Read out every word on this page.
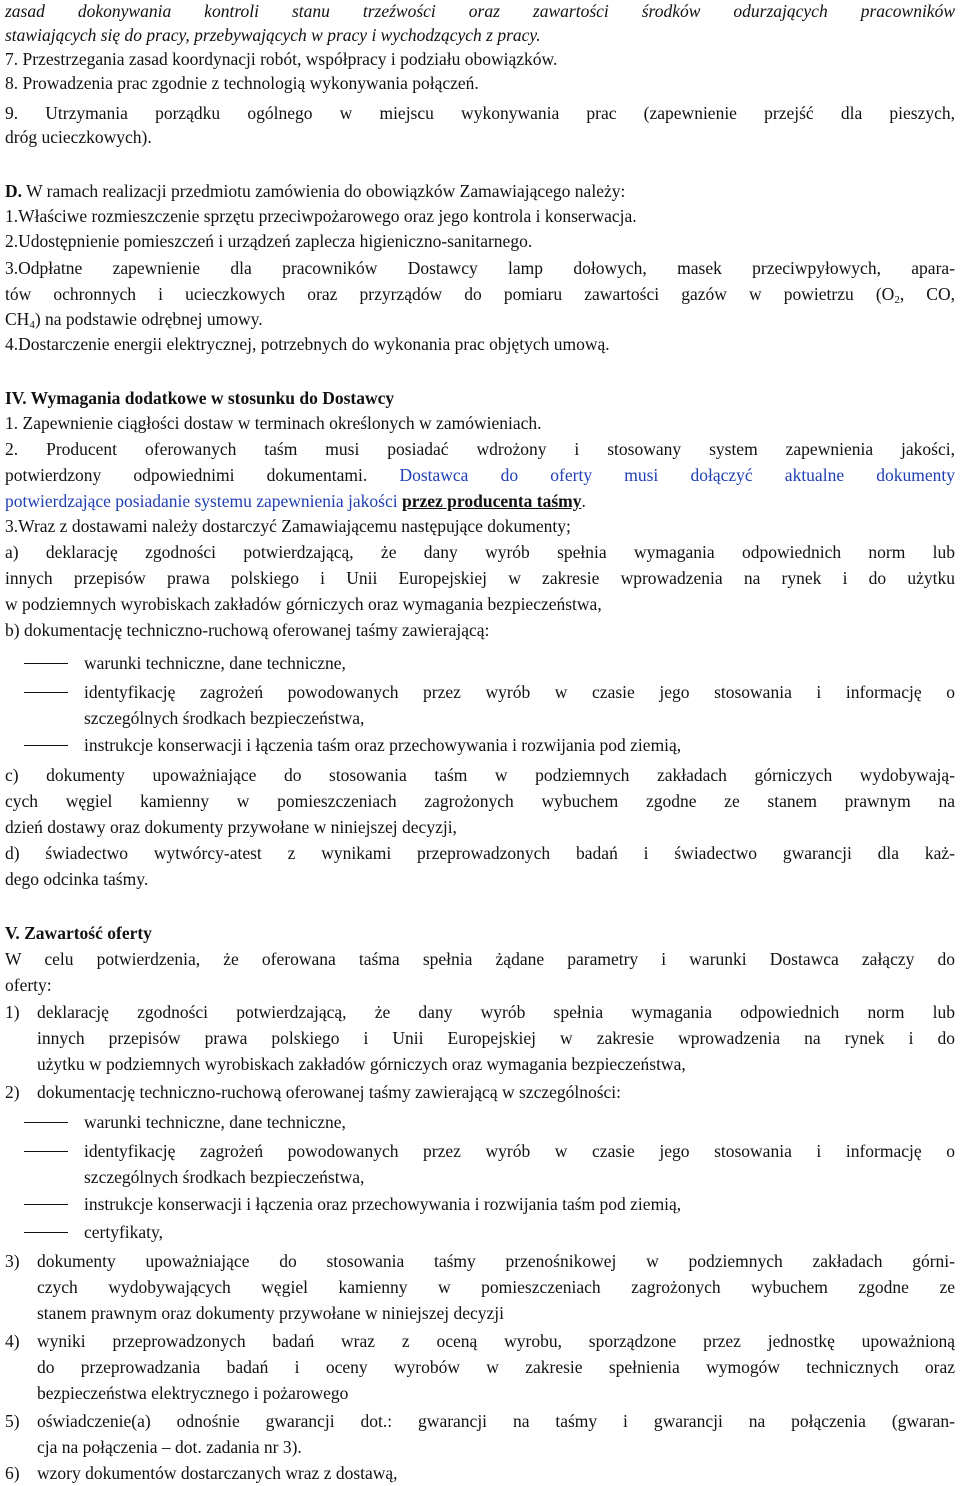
zasad dokonywania kontroli stanu trzeźwości oraz zawartości środków odurzających pracowników
stawiających się do pracy, przebywających w pracy i wychodzących z pracy.
7. Przestrzegania zasad koordynacji robót, współpracy i podziału obowiązków.
8. Prowadzenia prac zgodnie z technologią wykonywania połączeń.
9. Utrzymania porządku ogólnego w miejscu wykonywania prac (zapewnienie przejść dla pieszych,
dróg ucieczkowych).
D. W ramach realizacji przedmiotu zamówienia do obowiązków Zamawiającego należy:
1.Właściwe rozmieszczenie sprzętu przeciwpożarowego oraz jego kontrola i konserwacja.
2.Udostępnienie pomieszczeń i urządzeń zaplecza higieniczno-sanitarnego.
3.Odpłatne zapewnienie dla pracowników Dostawcy lamp dołowych, masek przeciwpyłowych, apara-
tów ochronnych i ucieczkowych oraz przyrządów do pomiaru zawartości gazów w powietrzu ($O_2$, CO,
$CH_4$) na podstawie odrębnej umowy.
4.Dostarczenie energii elektrycznej, potrzebnych do wykonania prac objętych umową.
IV. Wymagania dodatkowe w stosunku do Dostawcy
1. Zapewnienie ciągłości dostaw w terminach określonych w zamówieniach.
2. Producent oferowanych taśm musi posiadać wdrożony i stosowany system zapewnienia jakości,
potwierdzony odpowiednimi dokumentami. Dostawca do oferty musi dołączyć aktualne dokumenty
potwierdzające posiadanie systemu zapewnienia jakości przez producenta taśmy.
3.Wraz z dostawami należy dostarczyć Zamawiającemu następujące dokumenty;
a) deklarację zgodności potwierdzającą, że dany wyrób spełnia wymagania odpowiednich norm lub
innych przepisów prawa polskiego i Unii Europejskiej w zakresie wprowadzenia na rynek i do użytku
w podziemnych wyrobiskach zakładów górniczych oraz wymagania bezpieczeństwa,
b) dokumentację techniczno-ruchową oferowanej taśmy zawierającą:
warunki techniczne, dane techniczne,
identyfikację zagrożeń powodowanych przez wyrób w czasie jego stosowania i informację o
szczególnych środkach bezpieczeństwa,
instrukcje konserwacji i łączenia taśm oraz przechowywania i rozwijania pod ziemią,
c) dokumenty upoważniające do stosowania taśm w podziemnych zakładach górniczych wydobywają-
cych węgiel kamienny w pomieszczeniach zagrożonych wybuchem zgodne ze stanem prawnym na
dzień dostawy oraz dokumenty przywołane w niniejszej decyzji,
d) świadectwo wytwórcy-atest z wynikami przeprowadzonych badań i świadectwo gwarancji dla każ-
dego odcinka taśmy.
V. Zawartość oferty
W celu potwierdzenia, że oferowana taśma spełnia żądane parametry i warunki Dostawca załączy do
oferty:
1) deklarację zgodności potwierdzającą, że dany wyrób spełnia wymagania odpowiednich norm lub
innych przepisów prawa polskiego i Unii Europejskiej w zakresie wprowadzenia na rynek i do
użytku w podziemnych wyrobiskach zakładów górniczych oraz wymagania bezpieczeństwa,
2) dokumentację techniczno-ruchową oferowanej taśmy zawierającą w szczególności:
warunki techniczne, dane techniczne,
identyfikację zagrożeń powodowanych przez wyrób w czasie jego stosowania i informację o
szczególnych środkach bezpieczeństwa,
instrukcje konserwacji i łączenia oraz przechowywania i rozwijania taśm pod ziemią,
certyfikaty,
3) dokumenty upoważniające do stosowania taśmy przenośnikowej w podziemnych zakładach górni-
czych wydobywających węgiel kamienny w pomieszczeniach zagrożonych wybuchem zgodne ze
stanem prawnym oraz dokumenty przywołane w niniejszej decyzji
4) wyniki przeprowadzonych badań wraz z oceną wyrobu, sporządzone przez jednostkę upoważnioną
do przeprowadzania badań i oceny wyrobów w zakresie spełnienia wymogów technicznych oraz
bezpieczeństwa elektrycznego i pożarowego
5) oświadczenie(a) odnośnie gwarancji dot.: gwarancji na taśmy i gwarancji na połączenia (gwaran-
cja na połączenia – dot. zadania nr 3).
6) wzory dokumentów dostarczanych wraz z dostawą,
